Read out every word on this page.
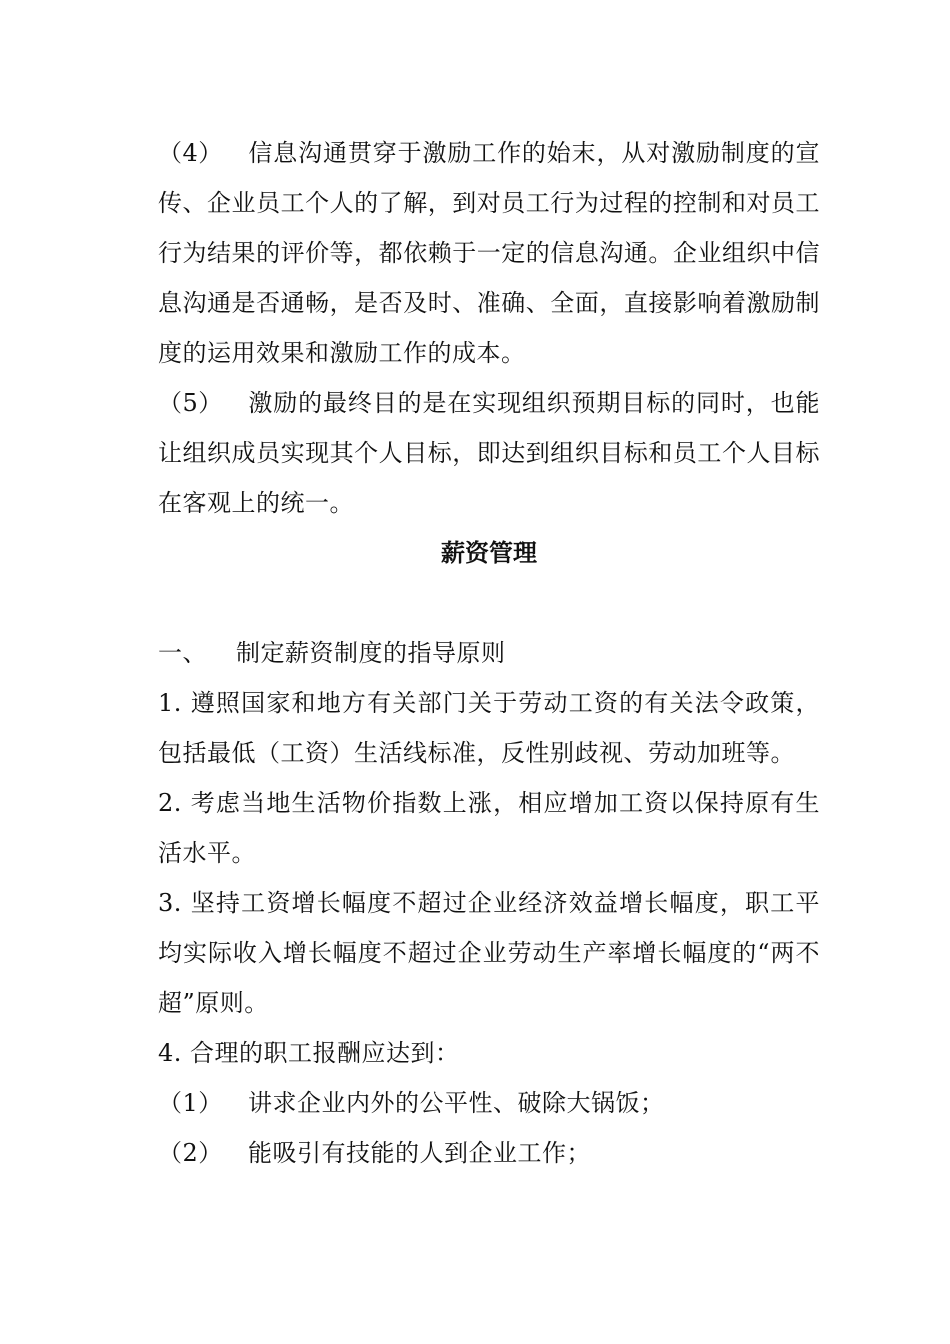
（4） 信息沟通贯穿于激励工作的始末，从对激励制度的宣传、企业员工个人的了解，到对员工行为过程的控制和对员工行为结果的评价等，都依赖于一定的信息沟通。企业组织中信息沟通是否通畅，是否及时、准确、全面，直接影响着激励制度的运用效果和激励工作的成本。

（5） 激励的最终目的是在实现组织预期目标的同时，也能让组织成员实现其个人目标，即达到组织目标和员工个人目标在客观上的统一。

薪资管理

一、 制定薪资制度的指导原则

1. 遵照国家和地方有关部门关于劳动工资的有关法令政策，包括最低（工资）生活线标准，反性别歧视、劳动加班等。

2. 考虑当地生活物价指数上涨，相应增加工资以保持原有生活水平。

3. 坚持工资增长幅度不超过企业经济效益增长幅度，职工平均实际收入增长幅度不超过企业劳动生产率增长幅度的“两不超”原则。

4. 合理的职工报酬应达到：

（1） 讲求企业内外的公平性、破除大锅饭；

（2） 能吸引有技能的人到企业工作；
